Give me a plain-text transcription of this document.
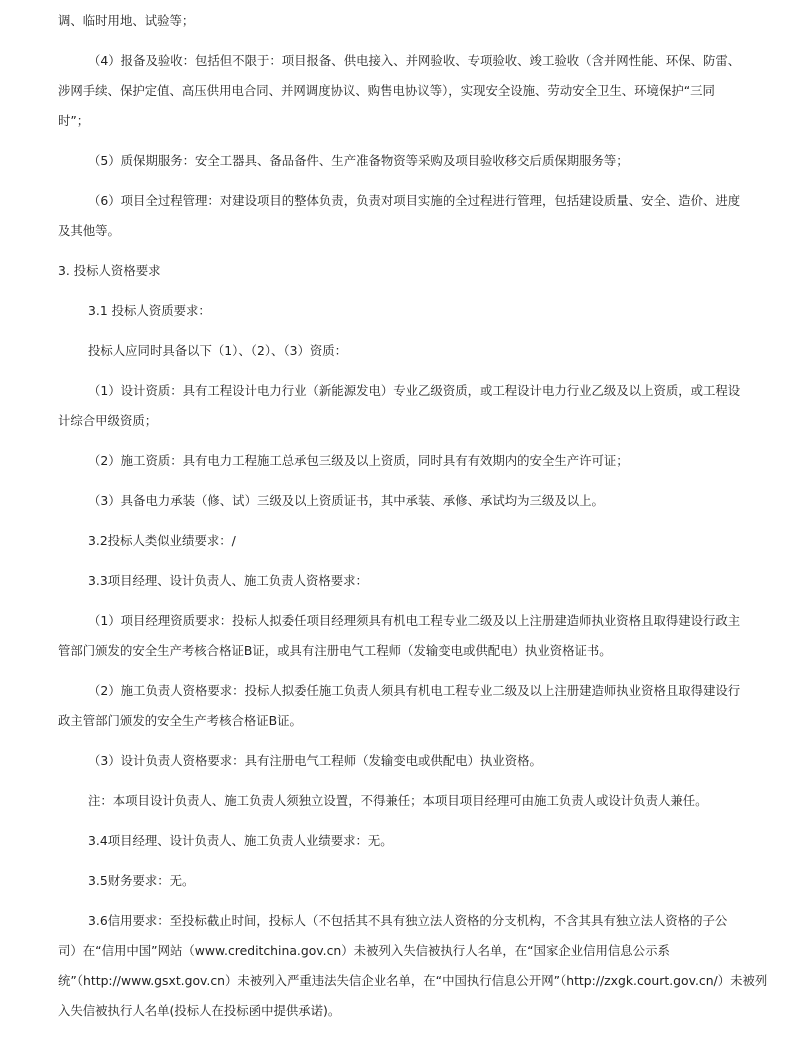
调、临时用地、试验等；

（4）报备及验收：包括但不限于：项目报备、供电接入、并网验收、专项验收、竣工验收（含并网性能、环保、防雷、

涉网手续、保护定值、高压供用电合同、并网调度协议、购售电协议等），实现安全设施、劳动安全卫生、环境保护“三同

时”；

（5）质保期服务：安全工器具、备品备件、生产准备物资等采购及项目验收移交后质保期服务等；

（6）项目全过程管理：对建设项目的整体负责，负责对项目实施的全过程进行管理，包括建设质量、安全、造价、进度

及其他等。

3. 投标人资格要求

3.1 投标人资质要求：

投标人应同时具备以下（1）、（2）、（3）资质：

（1）设计资质：具有工程设计电力行业（新能源发电）专业乙级资质，或工程设计电力行业乙级及以上资质，或工程设

计综合甲级资质；

（2）施工资质：具有电力工程施工总承包三级及以上资质，同时具有有效期内的安全生产许可证；

（3）具备电力承装（修、试）三级及以上资质证书，其中承装、承修、承试均为三级及以上。

3.2投标人类似业绩要求：/

3.3项目经理、设计负责人、施工负责人资格要求：

（1）项目经理资质要求：投标人拟委任项目经理须具有机电工程专业二级及以上注册建造师执业资格且取得建设行政主

管部门颁发的安全生产考核合格证B证，或具有注册电气工程师（发输变电或供配电）执业资格证书。

（2）施工负责人资格要求：投标人拟委任施工负责人须具有机电工程专业二级及以上注册建造师执业资格且取得建设行

政主管部门颁发的安全生产考核合格证B证。

（3）设计负责人资格要求：具有注册电气工程师（发输变电或供配电）执业资格。

注：本项目设计负责人、施工负责人须独立设置，不得兼任；本项目项目经理可由施工负责人或设计负责人兼任。

3.4项目经理、设计负责人、施工负责人业绩要求：无。

3.5财务要求：无。

3.6信用要求：至投标截止时间，投标人（不包括其不具有独立法人资格的分支机构，不含其具有独立法人资格的子公

司）在“信用中国”网站（www.creditchina.gov.cn）未被列入失信被执行人名单，在“国家企业信用信息公示系

统”（http://www.gsxt.gov.cn）未被列入严重违法失信企业名单，在“中国执行信息公开网”（http://zxgk.court.gov.cn/）未被列

入失信被执行人名单(投标人在投标函中提供承诺)。
